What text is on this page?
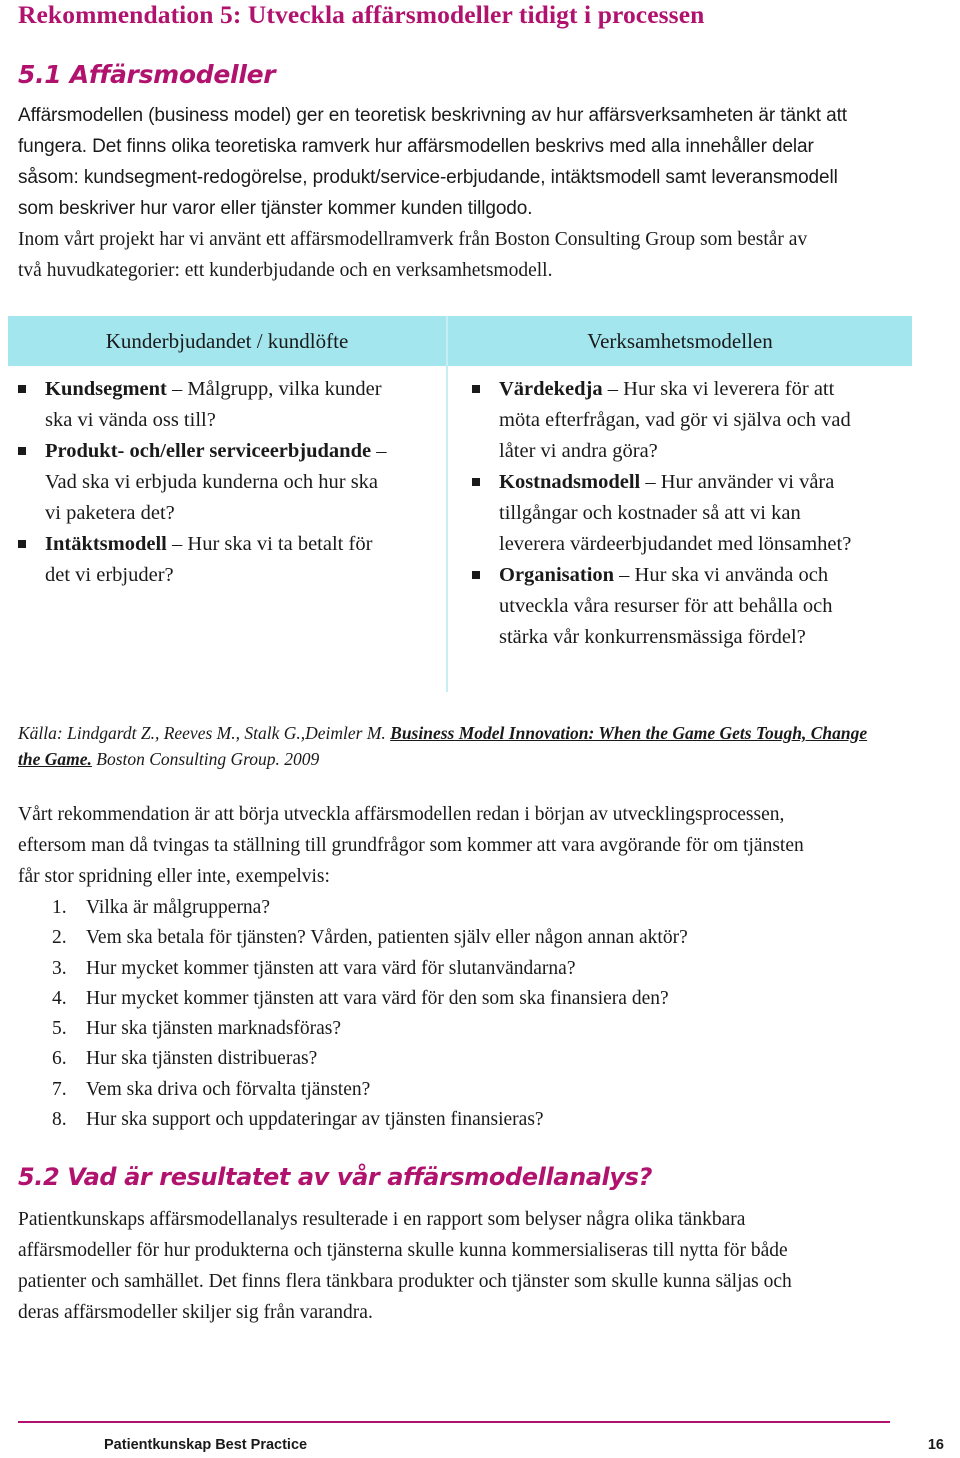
Rekommendation 5: Utveckla affärsmodeller tidigt i processen
5.1 Affärsmodeller
Affärsmodellen (business model) ger en teoretisk beskrivning av hur affärsverksamheten är tänkt att
fungera. Det finns olika teoretiska ramverk hur affärsmodellen beskrivs med alla innehåller delar
såsom: kundsegment-redogörelse, produkt/service-erbjudande, intäktsmodell samt leveransmodell
som beskriver hur varor eller tjänster kommer kunden tillgodo.
Inom vårt projekt har vi använt ett affärsmodellramverk från Boston Consulting Group som består av
två huvudkategorier: ett kunderbjudande och en verksamhetsmodell.
Kunderbjudandet / kundlöfte	Verksamhetsmodellen
Kundsegment – Målgrupp, vilka kunder
ska vi vända oss till?
Produkt- och/eller serviceerbjudande –
Vad ska vi erbjuda kunderna och hur ska
vi paketera det?
Intäktsmodell – Hur ska vi ta betalt för
det vi erbjuder?
Värdekedja – Hur ska vi leverera för att
möta efterfrågan, vad gör vi själva och vad
låter vi andra göra?
Kostnadsmodell – Hur använder vi våra
tillgångar och kostnader så att vi kan
leverera värdeerbjudandet med lönsamhet?
Organisation – Hur ska vi använda och
utveckla våra resurser för att behålla och
stärka vår konkurrensmässiga fördel?
Källa: Lindgardt Z., Reeves M., Stalk G.,Deimler M. Business Model Innovation: When the Game Gets Tough, Change
the Game. Boston Consulting Group. 2009
Vårt rekommendation är att börja utveckla affärsmodellen redan i början av utvecklingsprocessen,
eftersom man då tvingas ta ställning till grundfrågor som kommer att vara avgörande för om tjänsten
får stor spridning eller inte, exempelvis:
1. Vilka är målgrupperna?
2. Vem ska betala för tjänsten? Vården, patienten själv eller någon annan aktör?
3. Hur mycket kommer tjänsten att vara värd för slutanvändarna?
4. Hur mycket kommer tjänsten att vara värd för den som ska finansiera den?
5. Hur ska tjänsten marknadsföras?
6. Hur ska tjänsten distribueras?
7. Vem ska driva och förvalta tjänsten?
8. Hur ska support och uppdateringar av tjänsten finansieras?
5.2 Vad är resultatet av vår affärsmodellanalys?
Patientkunskaps affärsmodellanalys resulterade i en rapport som belyser några olika tänkbara
affärsmodeller för hur produkterna och tjänsterna skulle kunna kommersialiseras till nytta för både
patienter och samhället. Det finns flera tänkbara produkter och tjänster som skulle kunna säljas och
deras affärsmodeller skiljer sig från varandra.
Patientkunskap Best Practice	16
